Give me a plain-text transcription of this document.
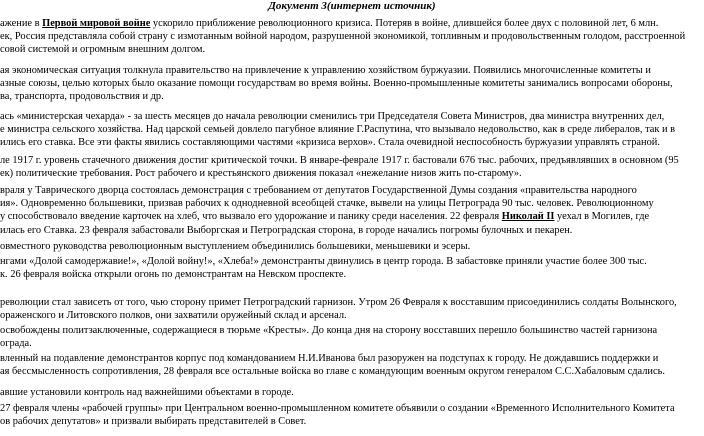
Документ 3(интернет источник)
ажение в Первой мировой войне ускорило приближение революционного кризиса. Потеряв в войне, длившейся более двух с половиной лет, 6 млн.
ек, Россия представляла собой страну с измотанным войной народом, разрушенной экономикой, топливным и продовольственным голодом, расстроенной
совой системой и огромным внешним долгом.
ая экономическая ситуация толкнула правительство на привлечение к управлению хозяйством буржуазии. Появились многочисленные комитеты и
азные союзы, целью которых было оказание помощи государствам во время войны. Военно-промышленные комитеты занимались вопросами обороны,
ва, транспорта, продовольствия и др.
ась «министерская чехарда» - за шесть месяцев до начала революции сменились три Председателя Совета Министров, два министра внутренних дел,
е министра сельского хозяйства. Над царской семьей довлело пагубное влияние Г.Распутина, что вызывало недовольство, как в среде либералов, так и в
ились его ставка. Все эти факты явились составляющими частями «кризиса верхов». Стала очевидной неспособность буржуазии управлять страной.
ле 1917 г. уровень стачечного движения достиг критической точки. В январе-феврале 1917 г. бастовали 676 тыс. рабочих, предъявлявших в основном (95
ек) политические требования. Рост рабочего и крестьянского движения показал «нежелание низов жить по-старому».
враля у Таврического дворца состоялась демонстрация с требованием от депутатов Государственной Думы создания «правительства народного
ия». Одновременно большевики, призвав рабочих к однодневной всеобщей стачке, вывели на улицы Петрограда 90 тыс. человек. Революционному
у способствовало введение карточек на хлеб, что вызвало его удорожание и панику среди населения. 22 февраля Николай II уехал в Могилев, где
илась его Ставка. 23 февраля забастовали Выборгская и Петроградская сторона, в городе начались погромы булочных и пекарен.
овместного руководства революционным выступлением объединились большевики, меньшевики и эсеры.
нгами «Долой самодержавие!», «Долой войну!», «Хлеба!» демонстранты двинулись в центр города. В забастовке приняли участие более 300 тыс.
к. 26 февраля войска открыли огонь по демонстрантам на Невском проспекте.
революции стал зависеть от того, чью сторону примет Петроградский гарнизон. Утром 26 Февраля к восставшим присоединились солдаты Волынского,
ораженского и Литовского полков, они захватили оружейный склад и арсенал.
освобождены политзаключенные, содержащиеся в тюрьме «Кресты». До конца дня на сторону восставших перешло большинство частей гарнизона
ограда.
вленный на подавление демонстрантов корпус под командованием Н.И.Иванова был разоружен на подступах к городу. Не дождавшись поддержки и
ая бессмысленность сопротивления, 28 февраля все остальные войска во главе с командующим военным округом генералом С.С.Хабаловым сдались.
авшие установили контроль над важнейшими объектами в городе.
27 февраля члены «рабочей группы» при Центральном военно-промышленном комитете объявили о создании «Временного Исполнительного Комитета
ов рабочих депутатов» и призвали выбирать представителей в Совет.
